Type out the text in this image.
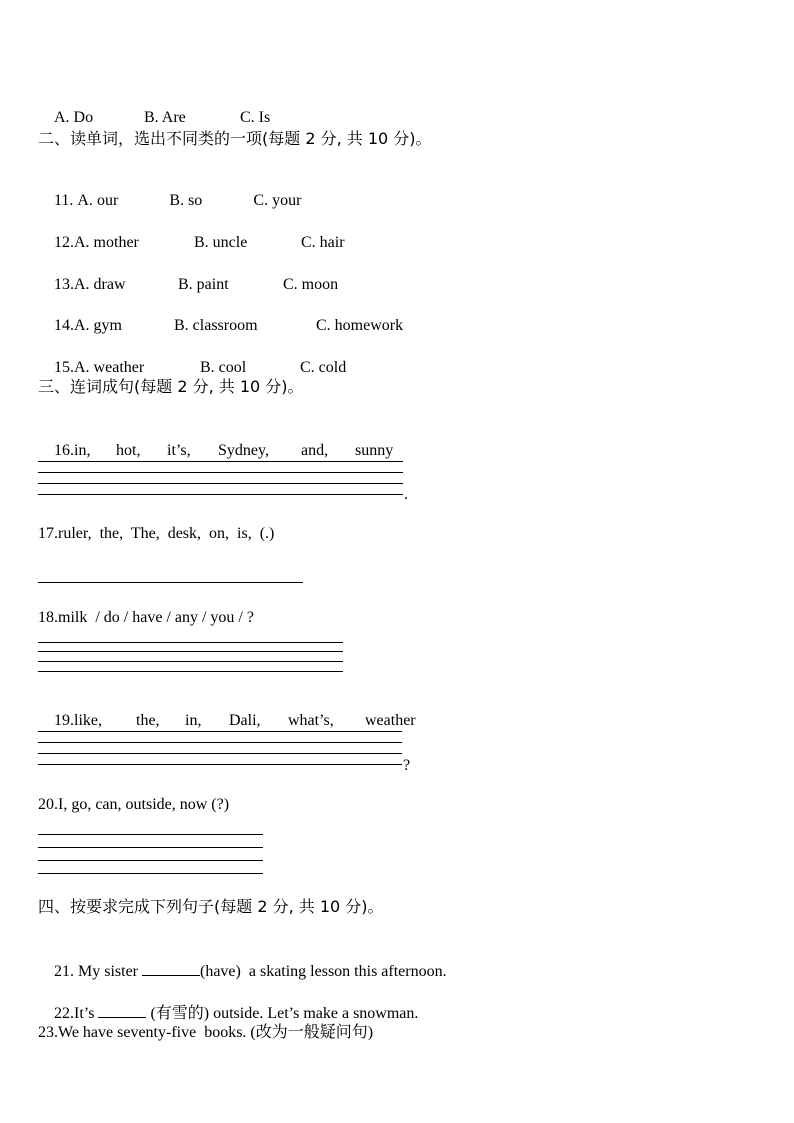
A. Do	B. Are	C. Is

二、读单词，选出不同类的一项(每题 2 分, 共 10 分)。

11. A. our	B. so	C. your

12.A. mother	B. uncle	C. hair

13.A. draw	B. paint	C. moon

14.A. gym	B. classroom	C. homework

15.A. weather	B. cool	C. cold

三、连词成句(每题 2 分, 共 10 分)。

16.in, hot, it’s, Sydney, and, sunny

.
17.ruler,  the,  The,  desk,  on,  is,  (.)
18.milk  / do / have / any / you / ?

19.like, the, in, Dali, what’s, weather

?
20.I, go, can, outside, now (?)
四、按要求完成下列句子(每题 2 分, 共 10 分)。

21. My sister	(have)  a skating lesson this afternoon.

22.It’s	(有雪的) outside. Let’s make a snowman.

23.We have seventy-five  books. (改为一般疑问句)
